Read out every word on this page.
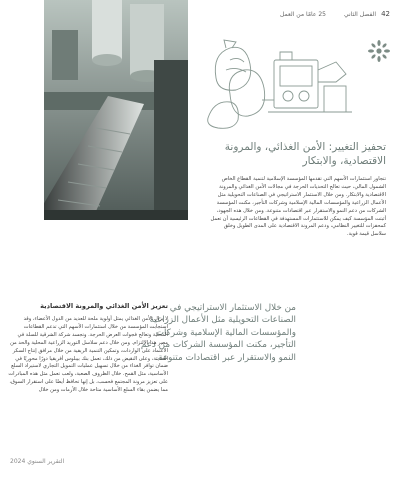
42
الفصل الثاني
25 عامًا من العمل
تحفيز التغيير: الأمن الغذائي، والمرونة الاقتصادية، والابتكار
تتجاوز استثمارات الأسهم التي تقدمها المؤسسة الإسلامية لتنمية القطاع الخاص الشمول المالي، حيث تعالج التحديات الحرجة في مجالات الأمن الغذائي والمرونة الاقتصادية والابتكار. ومن خلال الاستثمار الاستراتيجي في الصناعات التحويلية مثل الأعمال الزراعية والمؤسسات المالية الإسلامية وشركات التأجير، مكنت المؤسسة الشركات من دعم النمو والاستقرار عبر اقتصادات متنوعة. ومن خلال هذه الجهود، أثبتت المؤسسة كيف يمكن للاستثمارات المستهدفة في القطاعات الرئيسية أن تعمل كمحفزات للتغيير النظامي، ودعم المرونة الاقتصادية على المدى الطويل وخلق سلاسل قيمة قوية.
من خلال الاستثمار الاستراتيجي في الصناعات التحويلية مثل الأعمال الزراعية والمؤسسات المالية الإسلامية وشركات التأجير، مكنت المؤسسة الشركات من دعم النمو والاستقرار عبر اقتصادات متنوعة.
تعزيز الأمن الغذائي والمرونة الاقتصادية
لا يزال الأمن الغذائي يمثل أولوية ملحة للعديد من الدول الأعضاء، وقد استجابت المؤسسة من خلال استثمارات الأسهم التي تدعم القطاعات المحلية وتعالج فجوات العرض الحرجة. وتجسد شركة الشرقية للسلة في مصر هذا الالتزام. ومن خلال دعم سلاسل التوريد الزراعية المحلية والحد من الاعتماد على الواردات، وتمكين التنمية الريفية من خلال مرافق إنتاج السكر الحديثة، وعلى النقيض من ذلك، تعمل بنك بيبلوس أفريقيا دورًا محوريًا في ضمان توافر الغذاء من خلال تسهيل عمليات التمويل التجاري لاستيراد السلع الأساسية، مثل القمح. خلال الظروف الصعبة، ولعب تعمل مثل هذه المبادرات على تعزيز مرونة المجتمع فحسب، بل إنها تحافظ أيضًا على استقرار السوق، مما يضمن بقاء السلع الأساسية متاحة خلال الأزمات ومن خلال
التقرير السنوي 2024
